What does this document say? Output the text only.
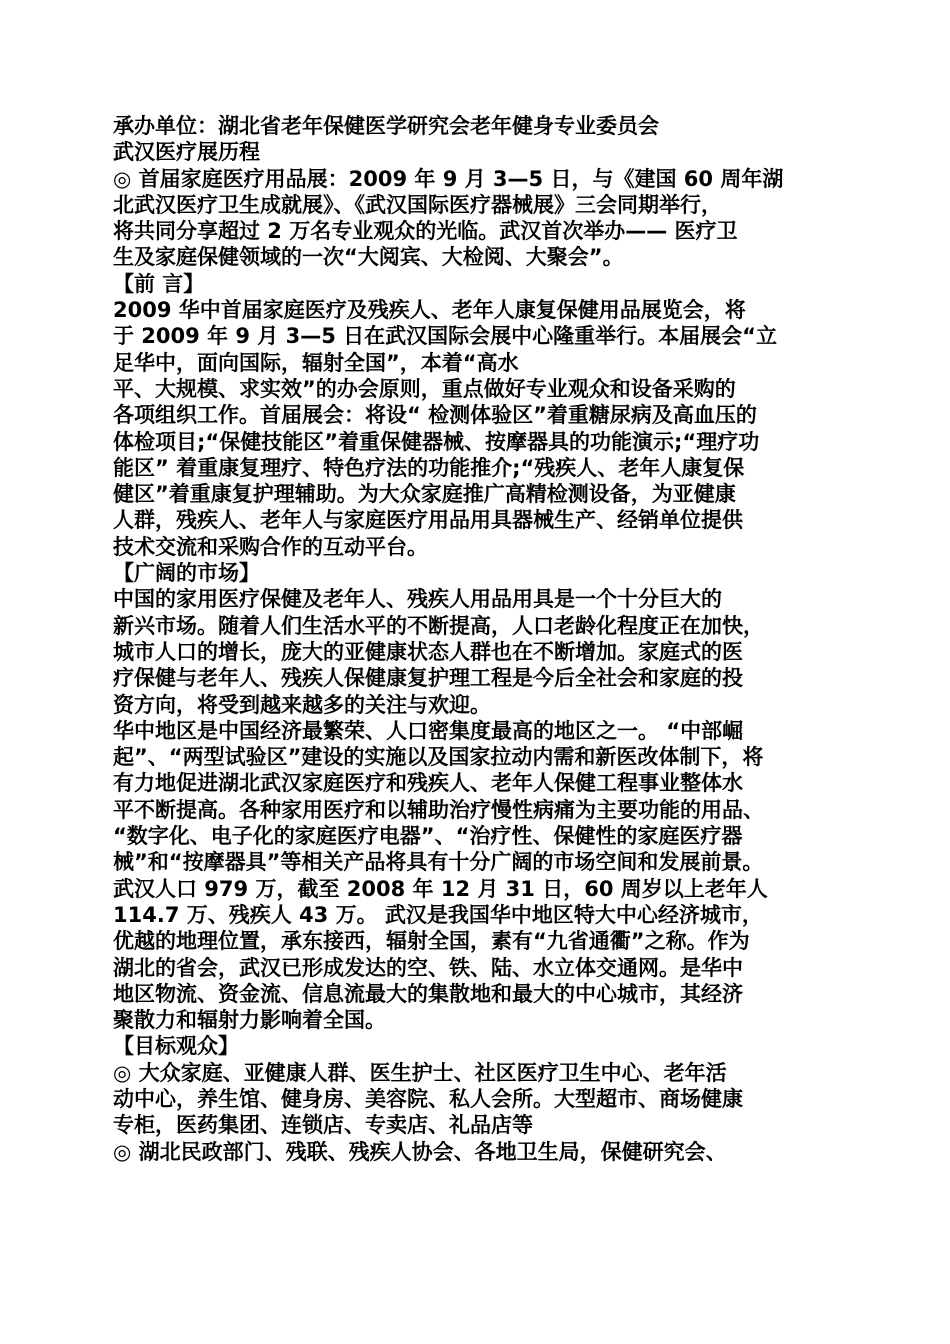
承办单位：湖北省老年保健医学研究会老年健身专业委员会

武汉医疗展历程

◎ 首届家庭医疗用品展：2009 年 9 月 3—5 日，与《建国 60 周年湖

北武汉医疗卫生成就展》、《武汉国际医疗器械展》三会同期举行，

将共同分享超过 2 万名专业观众的光临。武汉首次举办—— 医疗卫

生及家庭保健领域的一次“大阅宾、大检阅、大聚会”。

【前 言】

2009 华中首届家庭医疗及残疾人、老年人康复保健用品展览会，将

于 2009 年 9 月 3—5 日在武汉国际会展中心隆重举行。本届展会“立

足华中，面向国际，辐射全国”，本着“高水

平、大规模、求实效”的办会原则，重点做好专业观众和设备采购的

各项组织工作。首届展会：将设“ 检测体验区”着重糖尿病及高血压的

体检项目;“保健技能区”着重保健器械、按摩器具的功能演示;“理疗功

能区” 着重康复理疗、特色疗法的功能推介;“残疾人、老年人康复保

健区”着重康复护理辅助。为大众家庭推广高精检测设备，为亚健康

人群，残疾人、老年人与家庭医疗用品用具器械生产、经销单位提供

技术交流和采购合作的互动平台。

【广阔的市场】

中国的家用医疗保健及老年人、残疾人用品用具是一个十分巨大的

新兴市场。随着人们生活水平的不断提高，人口老龄化程度正在加快，

城市人口的增长，庞大的亚健康状态人群也在不断增加。家庭式的医

疗保健与老年人、残疾人保健康复护理工程是今后全社会和家庭的投

资方向，将受到越来越多的关注与欢迎。

华中地区是中国经济最繁荣、人口密集度最高的地区之一。 “中部崛

起”、“两型试验区”建设的实施以及国家拉动内需和新医改体制下，将

有力地促进湖北武汉家庭医疗和残疾人、老年人保健工程事业整体水

平不断提高。各种家用医疗和以辅助治疗慢性病痛为主要功能的用品、

“数字化、电子化的家庭医疗电器”、“治疗性、保健性的家庭医疗器

械”和“按摩器具”等相关产品将具有十分广阔的市场空间和发展前景。

武汉人口 979 万，截至 2008 年 12 月 31 日，60 周岁以上老年人

114.7 万、残疾人 43 万。 武汉是我国华中地区特大中心经济城市，

优越的地理位置，承东接西，辐射全国，素有“九省通衢”之称。作为

湖北的省会，武汉已形成发达的空、铁、陆、水立体交通网。是华中

地区物流、资金流、信息流最大的集散地和最大的中心城市，其经济

聚散力和辐射力影响着全国。

【目标观众】

◎ 大众家庭、亚健康人群、医生护士、社区医疗卫生中心、老年活

动中心，养生馆、健身房、美容院、私人会所。大型超市、商场健康

专柜，医药集团、连锁店、专卖店、礼品店等

◎ 湖北民政部门、残联、残疾人协会、各地卫生局，保健研究会、
